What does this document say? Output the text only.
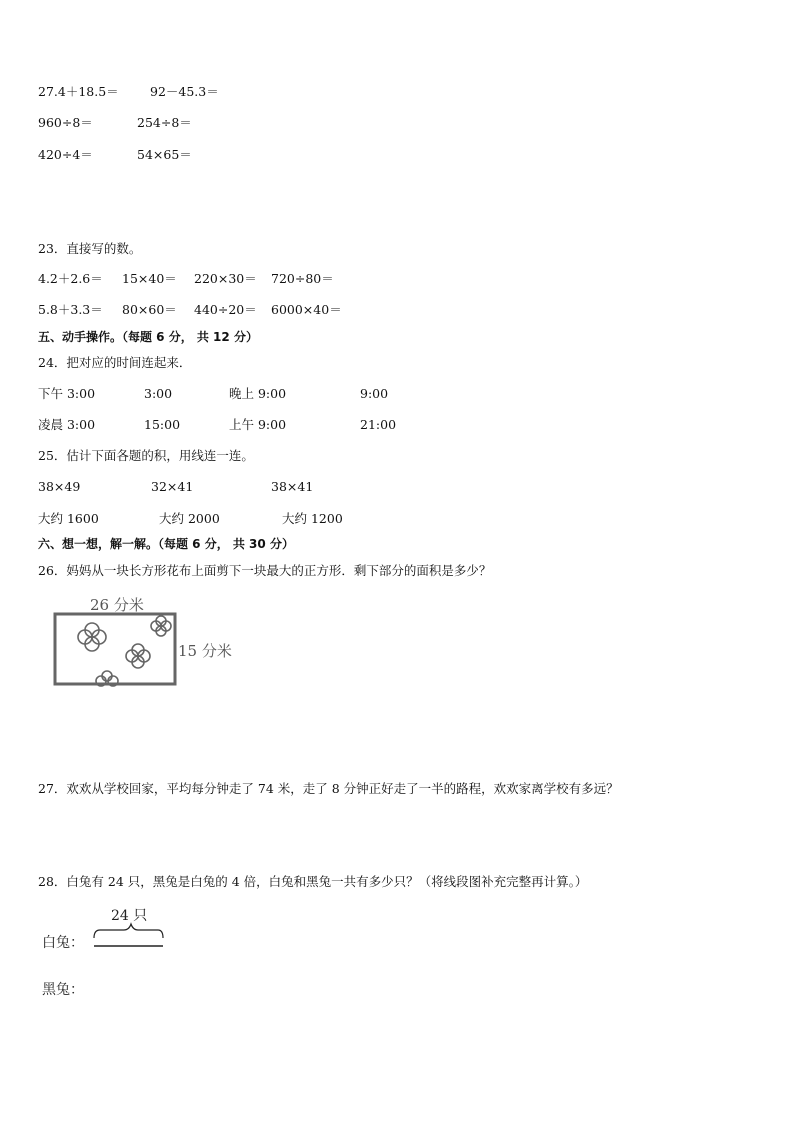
27.4＋18.5＝	92－45.3＝
960÷8＝	254÷8＝
420÷4＝	54×65＝
23．直接写的数。
4.2＋2.6＝ 15×40＝ 220×30＝ 720÷80＝
5.8＋3.3＝ 80×60＝ 440÷20＝ 6000×40＝
五、动手操作。（每题 6 分， 共 12 分）
24．把对应的时间连起来．
下午 3:00	3:00	晚上 9:00	9:00
凌晨 3:00	15:00	上午 9:00	21:00
25．估计下面各题的积，用线连一连。
38×49	32×41	38×41
大约 1600	大约 2000	大约 1200
六、想一想，解一解。（每题 6 分， 共 30 分）
26．妈妈从一块长方形花布上面剪下一块最大的正方形．剩下部分的面积是多少？
26 分米
15 分米
27．欢欢从学校回家，平均每分钟走了 74 米，走了 8 分钟正好走了一半的路程，欢欢家离学校有多远？
28．白兔有 24 只，黑兔是白兔的 4 倍，白兔和黑兔一共有多少只？（将线段图补充完整再计算。）
24 只
白兔：
黑兔：
